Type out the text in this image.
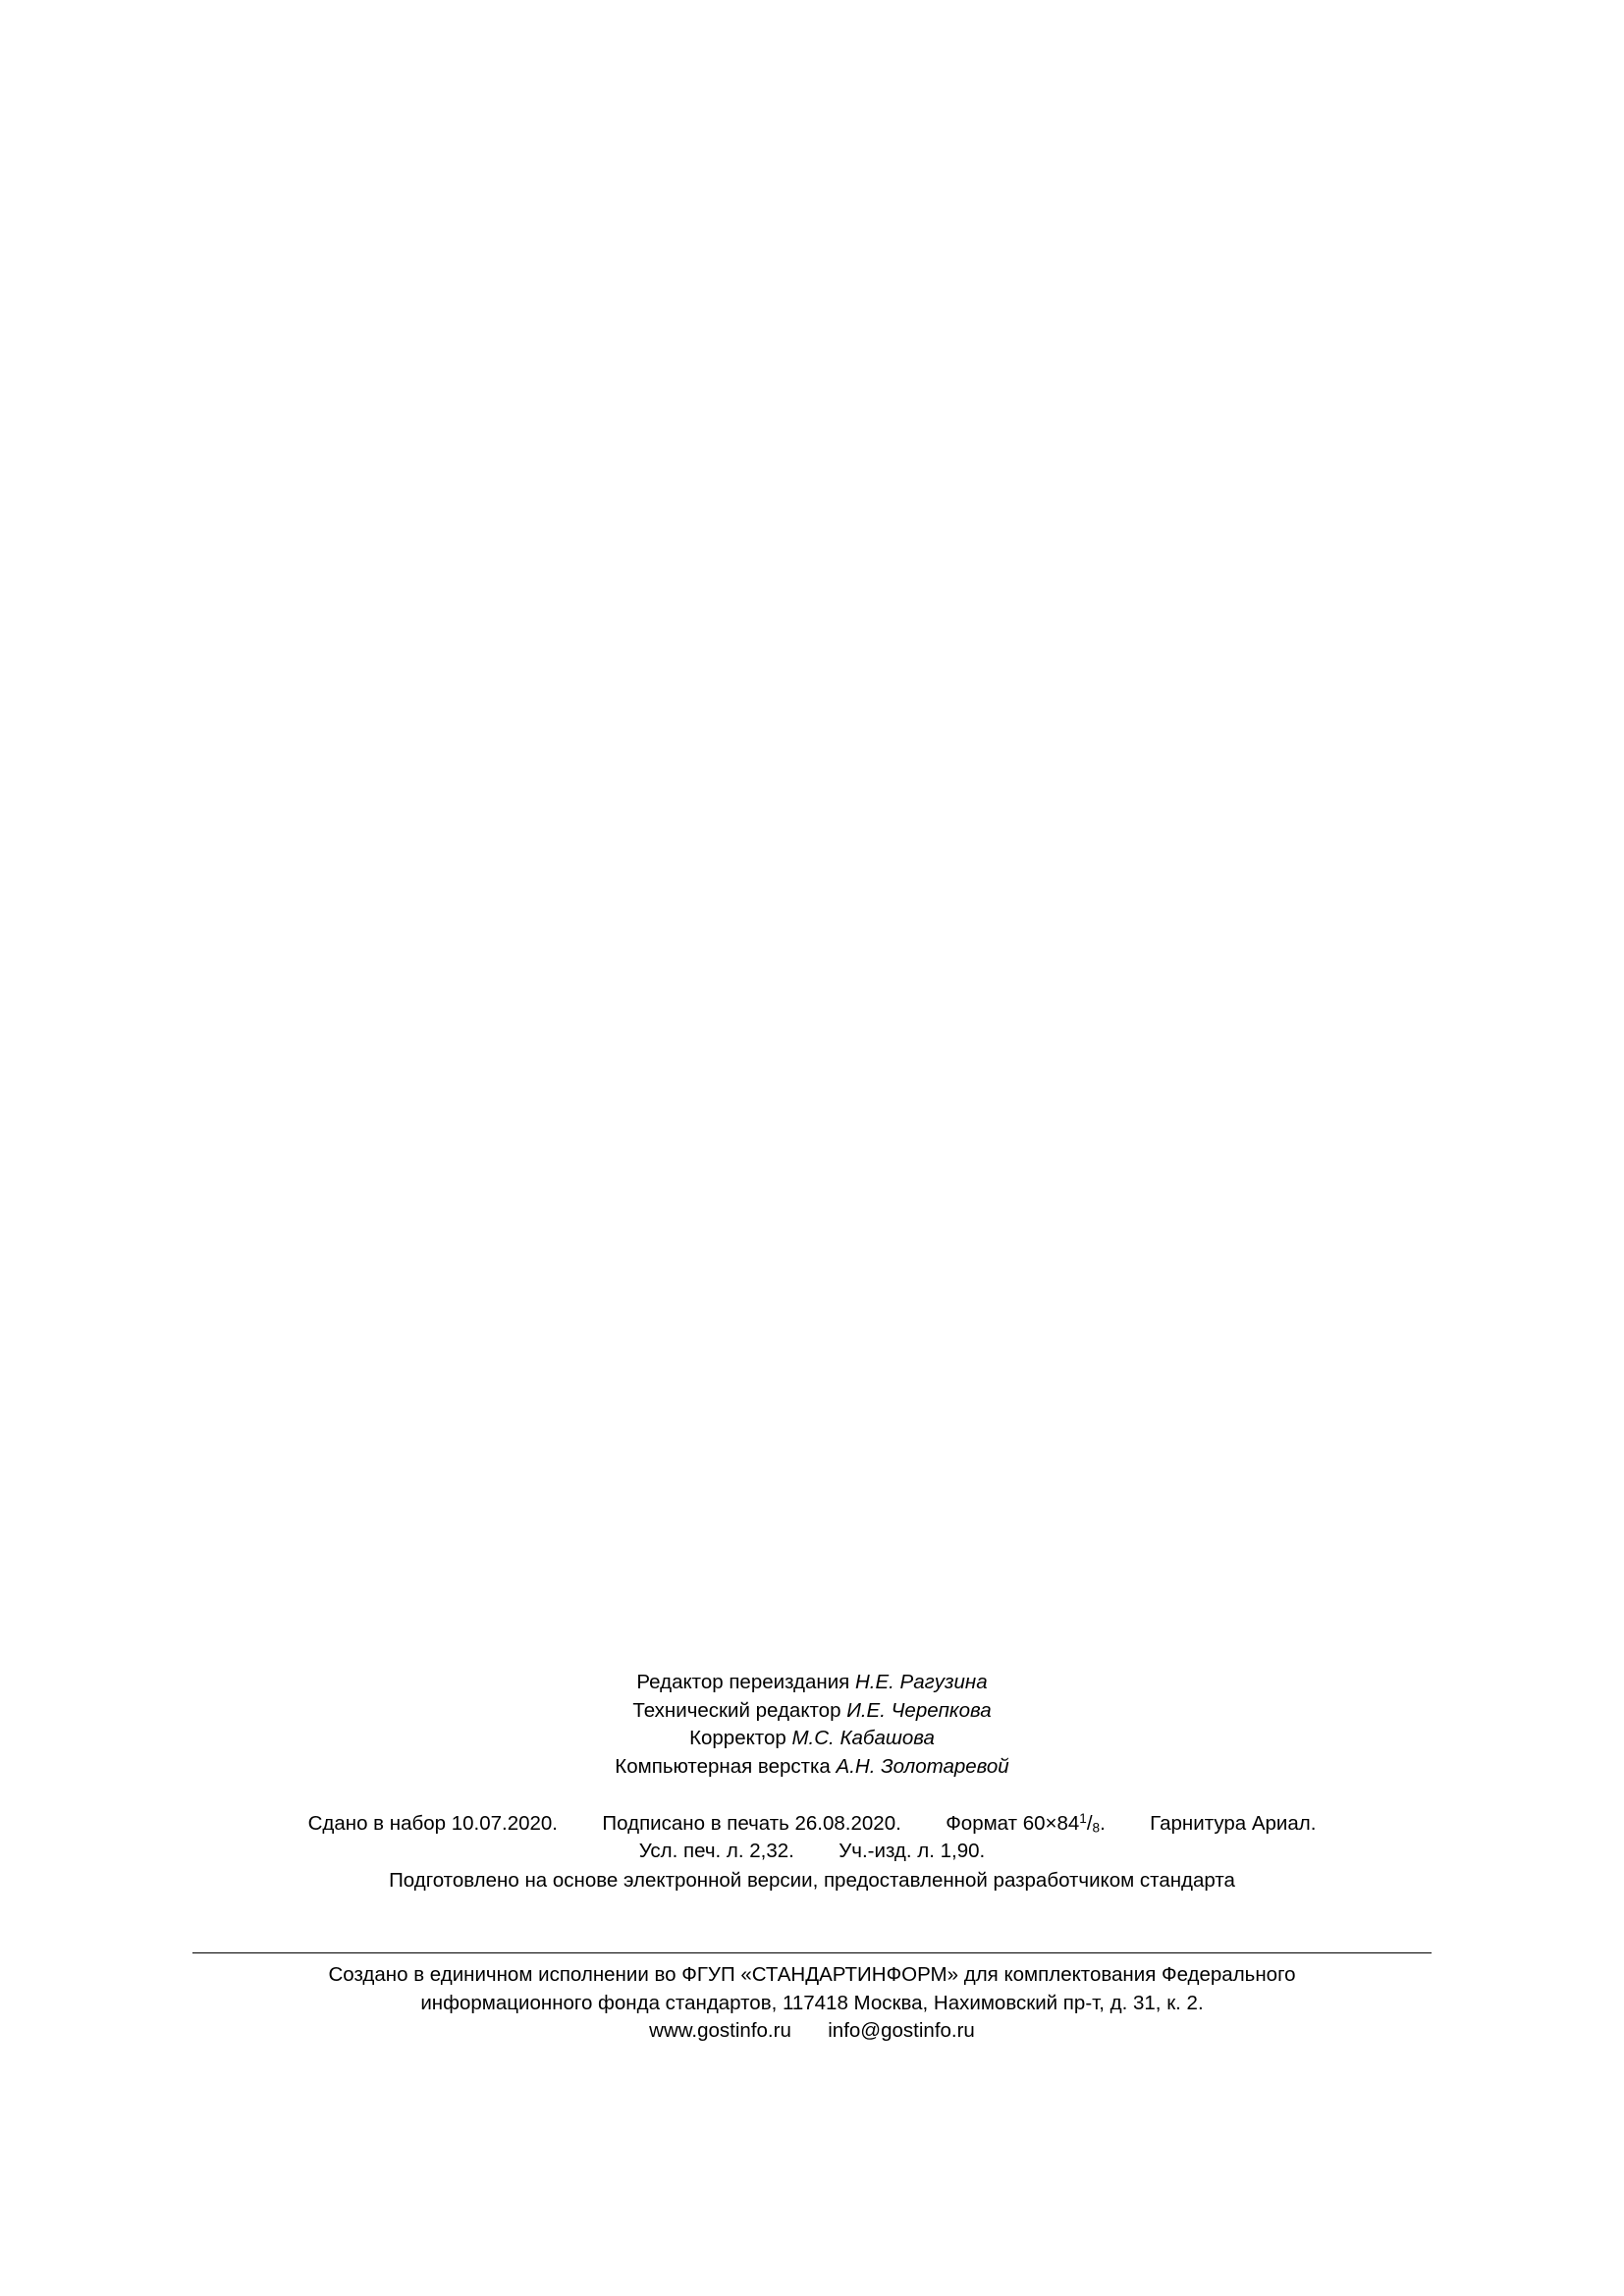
Редактор переиздания Н.Е. Рагузина
Технический редактор И.Е. Черепкова
Корректор М.С. Кабашова
Компьютерная верстка А.Н. Золотаревой
Сдано в набор 10.07.2020. Подписано в печать 26.08.2020. Формат $60\times 84^1/_8$. Гарнитура Ариал.
Усл. печ. л. 2,32. Уч.-изд. л. 1,90.
Подготовлено на основе электронной версии, предоставленной разработчиком стандарта
Создано в единичном исполнении во ФГУП «СТАНДАРТИНФОРМ» для комплектования Федерального
информационного фонда стандартов, 117418 Москва, Нахимовский пр-т, д. 31, к. 2.
www.gostinfo.ru info@gostinfo.ru
